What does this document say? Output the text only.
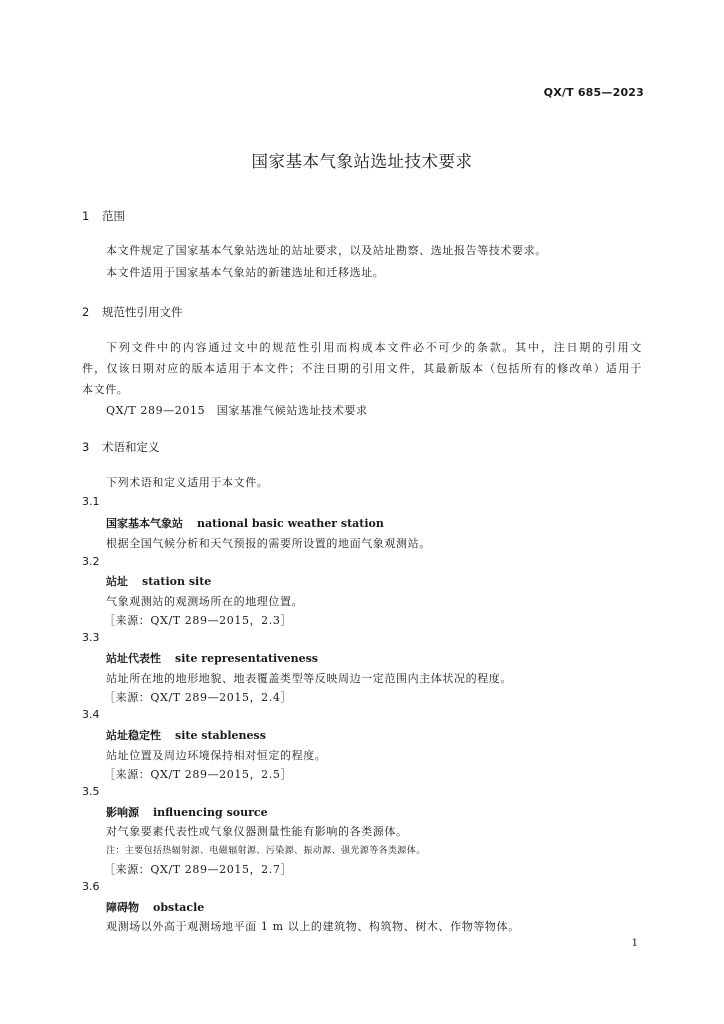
QX/T 685—2023
国家基本气象站选址技术要求
1 范围
本文件规定了国家基本气象站选址的站址要求，以及站址勘察、选址报告等技术要求。
本文件适用于国家基本气象站的新建选址和迁移选址。
2 规范性引用文件
下列文件中的内容通过文中的规范性引用而构成本文件必不可少的条款。其中，注日期的引用文
件，仅该日期对应的版本适用于本文件；不注日期的引用文件，其最新版本（包括所有的修改单）适用于
本文件。
QX/T 289—2015　国家基准气候站选址技术要求
3 术语和定义
下列术语和定义适用于本文件。
3.1
国家基本气象站 national basic weather station
根据全国气候分析和天气预报的需要所设置的地面气象观测站。
3.2
站址 station site
气象观测站的观测场所在的地理位置。
［来源：QX/T 289—2015，2.3］
3.3
站址代表性 site representativeness
站址所在地的地形地貌、地表覆盖类型等反映周边一定范围内主体状况的程度。
［来源：QX/T 289—2015，2.4］
3.4
站址稳定性 site stableness
站址位置及周边环境保持相对恒定的程度。
［来源：QX/T 289—2015，2.5］
3.5
影响源 influencing source
对气象要素代表性或气象仪器测量性能有影响的各类源体。
注：主要包括热辐射源、电磁辐射源、污染源、振动源、强光源等各类源体。
［来源：QX/T 289—2015，2.7］
3.6
障碍物 obstacle
观测场以外高于观测场地平面 1 m 以上的建筑物、构筑物、树木、作物等物体。
1
